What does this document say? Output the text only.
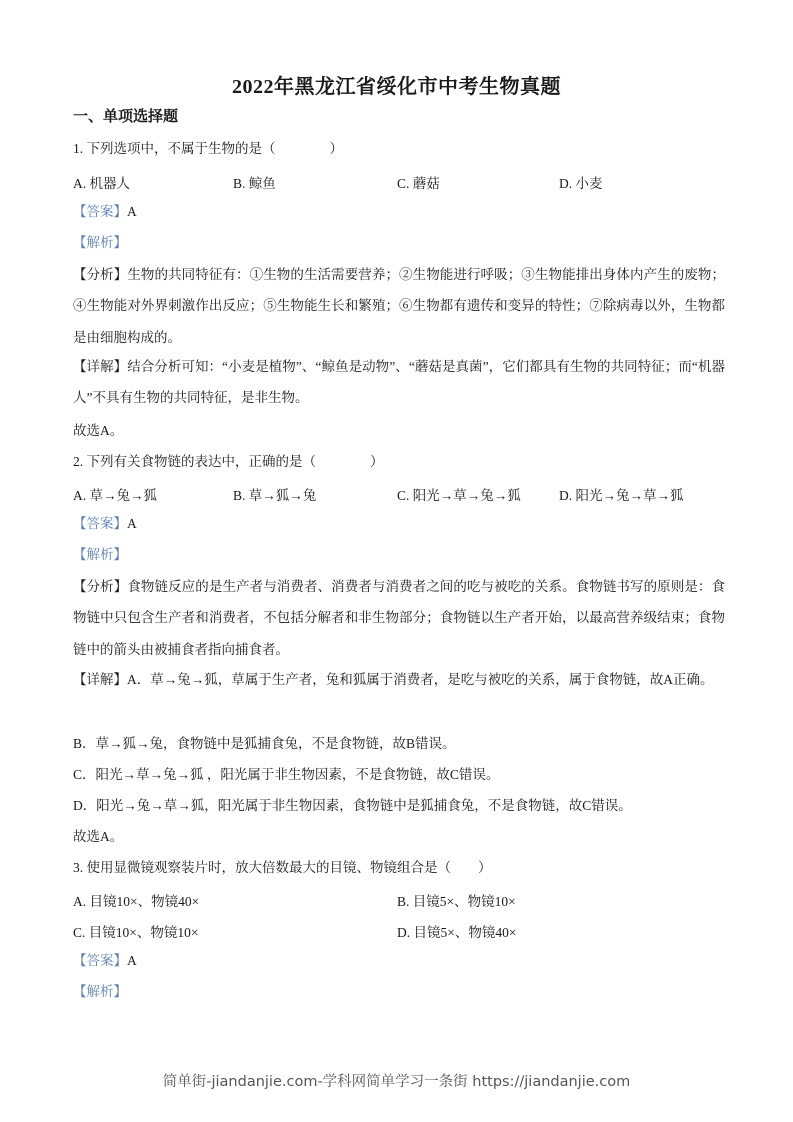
2022年黑龙江省绥化市中考生物真题
一、单项选择题
1. 下列选项中，不属于生物的是（　　　　）
A. 机器人	B. 鲸鱼	C. 蘑菇	D. 小麦
【答案】A
【解析】
【分析】生物的共同特征有：①生物的生活需要营养；②生物能进行呼吸；③生物能排出身体内产生的废物；④生物能对外界刺激作出反应；⑤生物能生长和繁殖；⑥生物都有遗传和变异的特性；⑦除病毒以外，生物都是由细胞构成的。
【详解】结合分析可知：“小麦是植物”、“鲸鱼是动物”、“蘑菇是真菌”，它们都具有生物的共同特征；而“机器人”不具有生物的共同特征，是非生物。
故选A。
2. 下列有关食物链的表达中，正确的是（　　　　）
A. 草→兔→狐	B. 草→狐→兔	C. 阳光→草→兔→狐	D. 阳光→兔→草→狐
【答案】A
【解析】
【分析】食物链反应的是生产者与消费者、消费者与消费者之间的吃与被吃的关系。食物链书写的原则是：食物链中只包含生产者和消费者，不包括分解者和非生物部分；食物链以生产者开始，以最高营养级结束；食物链中的箭头由被捕食者指向捕食者。
【详解】A．草→兔→狐，草属于生产者，兔和狐属于消费者，是吃与被吃的关系，属于食物链，故A正确。
B．草→狐→兔，食物链中是狐捕食兔，不是食物链，故B错误。
C．阳光→草→兔→狐 ，阳光属于非生物因素，不是食物链，故C错误。
D．阳光→兔→草→狐，阳光属于非生物因素，食物链中是狐捕食兔，不是食物链，故C错误。
故选A。
3. 使用显微镜观察装片时，放大倍数最大的目镜、物镜组合是（　　）
A. 目镜10×、物镜40×	B. 目镜5×、物镜10×
C. 目镜10×、物镜10×	D. 目镜5×、物镜40×
【答案】A
【解析】
简单街-jiandanjie.com-学科网简单学习一条街 https://jiandanjie.com
